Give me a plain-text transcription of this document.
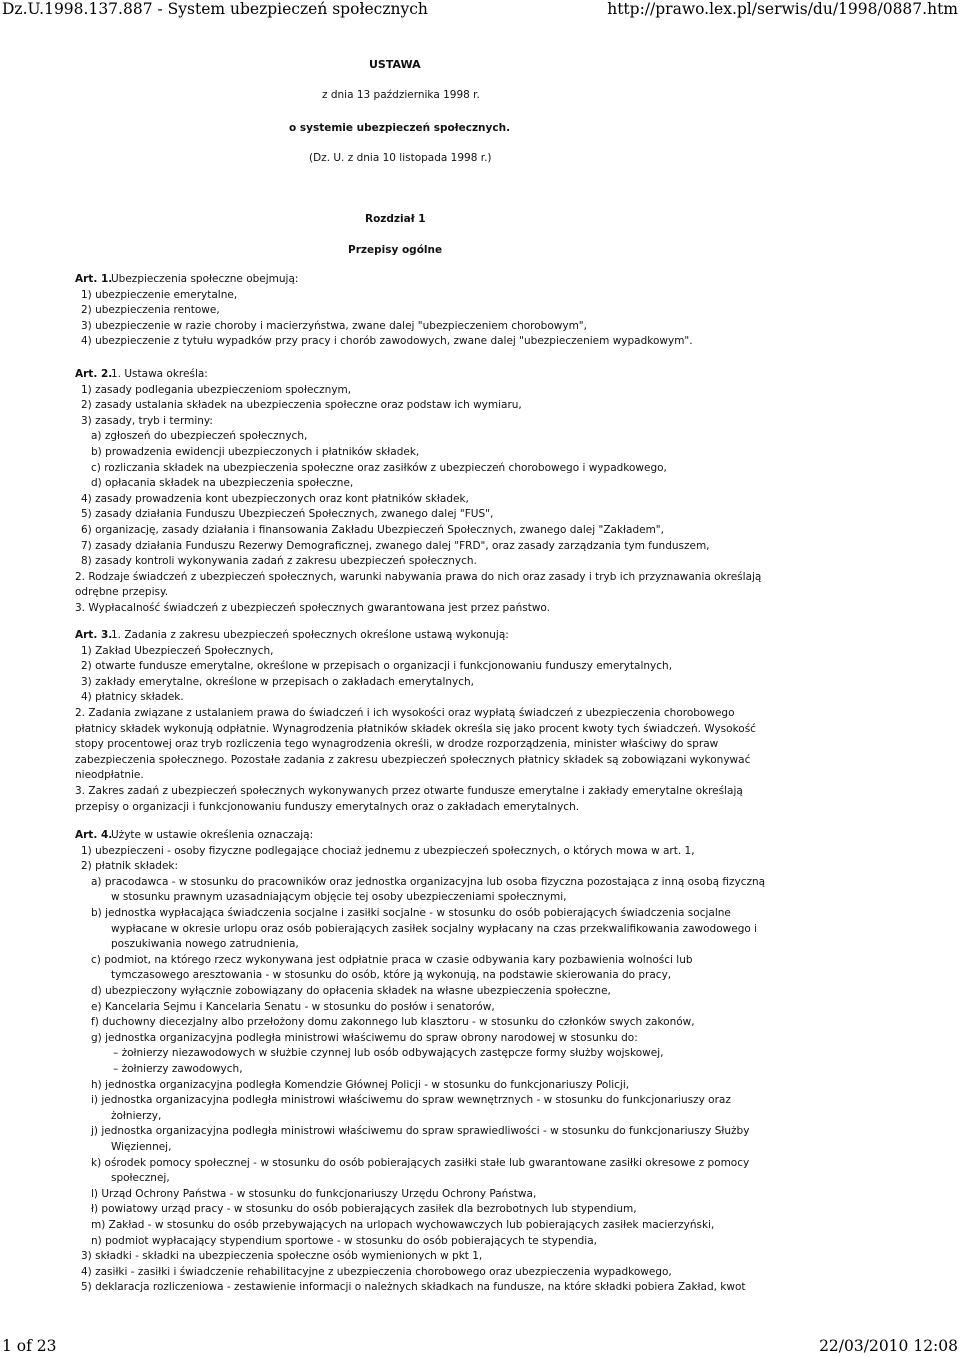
Dz.U.1998.137.887 - System ubezpieczeń społecznych	http://prawo.lex.pl/serwis/du/1998/0887.htm
USTAWA
z dnia 13 października 1998 r.
o systemie ubezpieczeń społecznych.
(Dz. U. z dnia 10 listopada 1998 r.)
Rozdział 1
Przepisy ogólne
Art. 1.
Ubezpieczenia społeczne obejmują:
1) ubezpieczenie emerytalne,
2) ubezpieczenia rentowe,
3) ubezpieczenie w razie choroby i macierzyństwa, zwane dalej "ubezpieczeniem chorobowym",
4) ubezpieczenie z tytułu wypadków przy pracy i chorób zawodowych, zwane dalej "ubezpieczeniem wypadkowym".
Art. 2.
1. Ustawa określa:
1) zasady podlegania ubezpieczeniom społecznym,
2) zasady ustalania składek na ubezpieczenia społeczne oraz podstaw ich wymiaru,
3) zasady, tryb i terminy:
a) zgłoszeń do ubezpieczeń społecznych,
b) prowadzenia ewidencji ubezpieczonych i płatników składek,
c) rozliczania składek na ubezpieczenia społeczne oraz zasiłków z ubezpieczeń chorobowego i wypadkowego,
d) opłacania składek na ubezpieczenia społeczne,
4) zasady prowadzenia kont ubezpieczonych oraz kont płatników składek,
5) zasady działania Funduszu Ubezpieczeń Społecznych, zwanego dalej "FUS",
6) organizację, zasady działania i finansowania Zakładu Ubezpieczeń Społecznych, zwanego dalej "Zakładem",
7) zasady działania Funduszu Rezerwy Demograficznej, zwanego dalej "FRD", oraz zasady zarządzania tym funduszem,
8) zasady kontroli wykonywania zadań z zakresu ubezpieczeń społecznych.
2. Rodzaje świadczeń z ubezpieczeń społecznych, warunki nabywania prawa do nich oraz zasady i tryb ich przyznawania określają
odrębne przepisy.
3. Wypłacalność świadczeń z ubezpieczeń społecznych gwarantowana jest przez państwo.
Art. 3.
1. Zadania z zakresu ubezpieczeń społecznych określone ustawą wykonują:
1) Zakład Ubezpieczeń Społecznych,
2) otwarte fundusze emerytalne, określone w przepisach o organizacji i funkcjonowaniu funduszy emerytalnych,
3) zakłady emerytalne, określone w przepisach o zakładach emerytalnych,
4) płatnicy składek.
2. Zadania związane z ustalaniem prawa do świadczeń i ich wysokości oraz wypłatą świadczeń z ubezpieczenia chorobowego
płatnicy składek wykonują odpłatnie. Wynagrodzenia płatników składek określa się jako procent kwoty tych świadczeń. Wysokość
stopy procentowej oraz tryb rozliczenia tego wynagrodzenia określi, w drodze rozporządzenia, minister właściwy do spraw
zabezpieczenia społecznego. Pozostałe zadania z zakresu ubezpieczeń społecznych płatnicy składek są zobowiązani wykonywać
nieodpłatnie.
3. Zakres zadań z ubezpieczeń społecznych wykonywanych przez otwarte fundusze emerytalne i zakłady emerytalne określają
przepisy o organizacji i funkcjonowaniu funduszy emerytalnych oraz o zakładach emerytalnych.
Art. 4.
Użyte w ustawie określenia oznaczają:
1) ubezpieczeni - osoby fizyczne podlegające chociaż jednemu z ubezpieczeń społecznych, o których mowa w art. 1,
2) płatnik składek:
a) pracodawca - w stosunku do pracowników oraz jednostka organizacyjna lub osoba fizyczna pozostająca z inną osobą fizyczną
w stosunku prawnym uzasadniającym objęcie tej osoby ubezpieczeniami społecznymi,
b) jednostka wypłacająca świadczenia socjalne i zasiłki socjalne - w stosunku do osób pobierających świadczenia socjalne
wypłacane w okresie urlopu oraz osób pobierających zasiłek socjalny wypłacany na czas przekwalifikowania zawodowego i
poszukiwania nowego zatrudnienia,
c) podmiot, na którego rzecz wykonywana jest odpłatnie praca w czasie odbywania kary pozbawienia wolności lub
tymczasowego aresztowania - w stosunku do osób, które ją wykonują, na podstawie skierowania do pracy,
d) ubezpieczony wyłącznie zobowiązany do opłacenia składek na własne ubezpieczenia społeczne,
e) Kancelaria Sejmu i Kancelaria Senatu - w stosunku do posłów i senatorów,
f) duchowny diecezjalny albo przełożony domu zakonnego lub klasztoru - w stosunku do członków swych zakonów,
g) jednostka organizacyjna podległa ministrowi właściwemu do spraw obrony narodowej w stosunku do:
– żołnierzy niezawodowych w służbie czynnej lub osób odbywających zastępcze formy służby wojskowej,
– żołnierzy zawodowych,
h) jednostka organizacyjna podległa Komendzie Głównej Policji - w stosunku do funkcjonariuszy Policji,
i) jednostka organizacyjna podległa ministrowi właściwemu do spraw wewnętrznych - w stosunku do funkcjonariuszy oraz
żołnierzy,
j) jednostka organizacyjna podległa ministrowi właściwemu do spraw sprawiedliwości - w stosunku do funkcjonariuszy Służby
Więziennej,
k) ośrodek pomocy społecznej - w stosunku do osób pobierających zasiłki stałe lub gwarantowane zasiłki okresowe z pomocy
społecznej,
l) Urząd Ochrony Państwa - w stosunku do funkcjonariuszy Urzędu Ochrony Państwa,
ł) powiatowy urząd pracy - w stosunku do osób pobierających zasiłek dla bezrobotnych lub stypendium,
m) Zakład - w stosunku do osób przebywających na urlopach wychowawczych lub pobierających zasiłek macierzyński,
n) podmiot wypłacający stypendium sportowe - w stosunku do osób pobierających te stypendia,
3) składki - składki na ubezpieczenia społeczne osób wymienionych w pkt 1,
4) zasiłki - zasiłki i świadczenie rehabilitacyjne z ubezpieczenia chorobowego oraz ubezpieczenia wypadkowego,
5) deklaracja rozliczeniowa - zestawienie informacji o należnych składkach na fundusze, na które składki pobiera Zakład, kwot
1 of 23	22/03/2010 12:08
